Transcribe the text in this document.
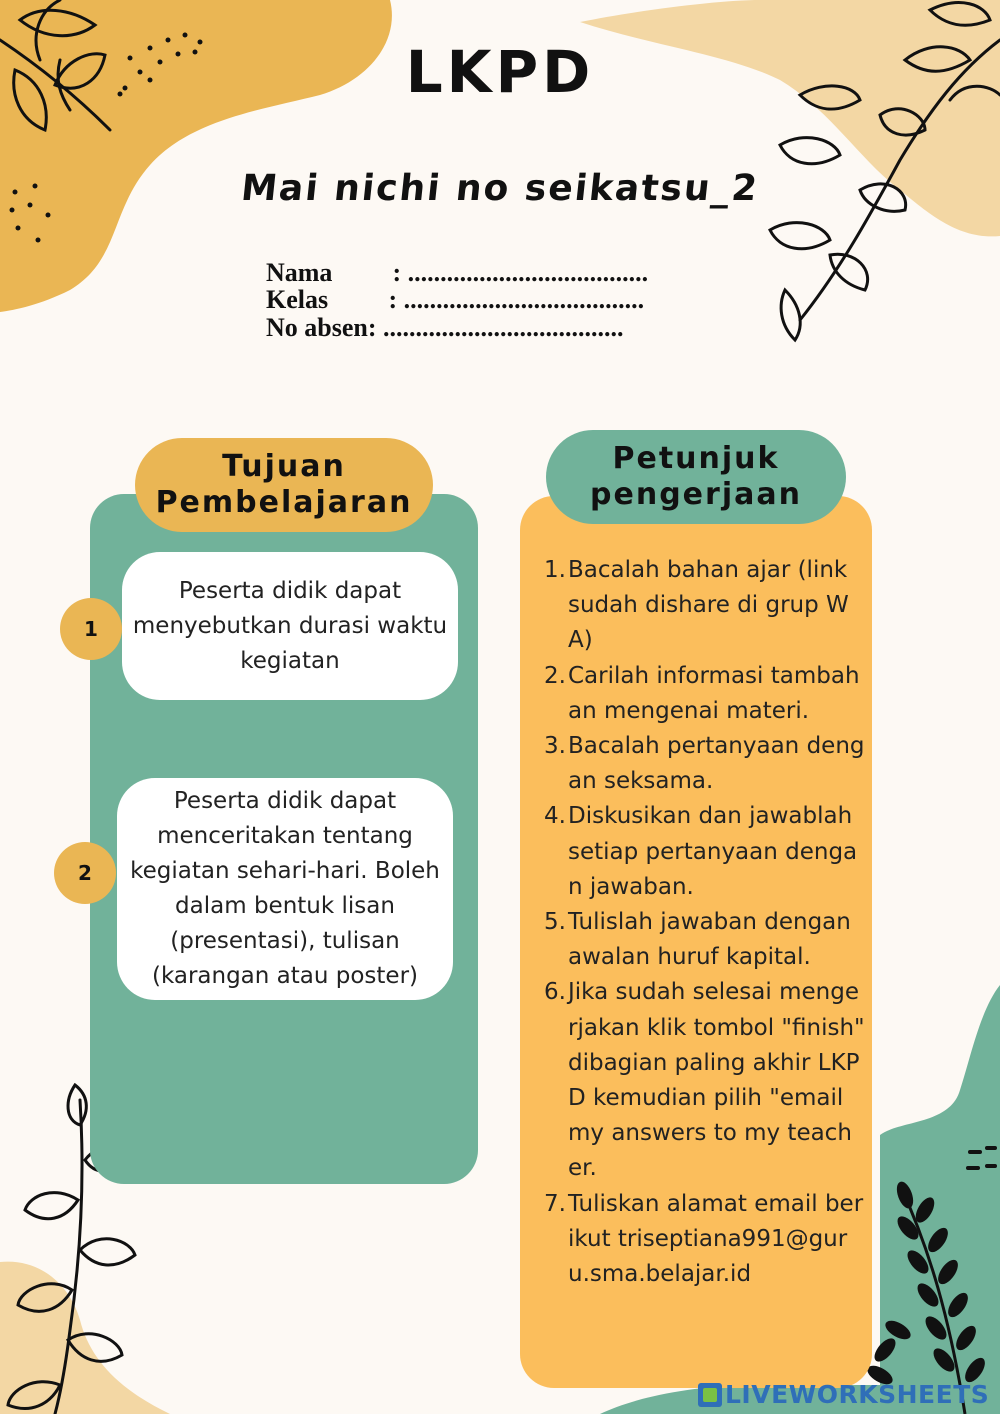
LKPD
Mai nichi no seikatsu_2
Nama : .....................................
Kelas : .....................................
No absen: .....................................
Tujuan
Pembelajaran
Peserta didik dapat menyebutkan durasi waktu kegiatan
1
Peserta didik dapat menceritakan tentang kegiatan sehari-hari. Boleh dalam bentuk lisan (presentasi), tulisan (karangan atau poster)
2
Petunjuk
pengerjaan
1. Bacalah bahan ajar (link sudah dishare di grup WA)
2. Carilah informasi tambahan mengenai materi.
3. Bacalah pertanyaan dengan seksama.
4. Diskusikan dan jawablah setiap pertanyaan dengan jawaban.
5. Tulislah jawaban dengan awalan huruf kapital.
6. Jika sudah selesai mengerjakan klik tombol "finish" dibagian paling akhir LKPD kemudian pilih "email my answers to my teacher.
7. Tuliskan alamat email berikut triseptiana991@guru.sma.belajar.id
LIVEWORKSHEETS
